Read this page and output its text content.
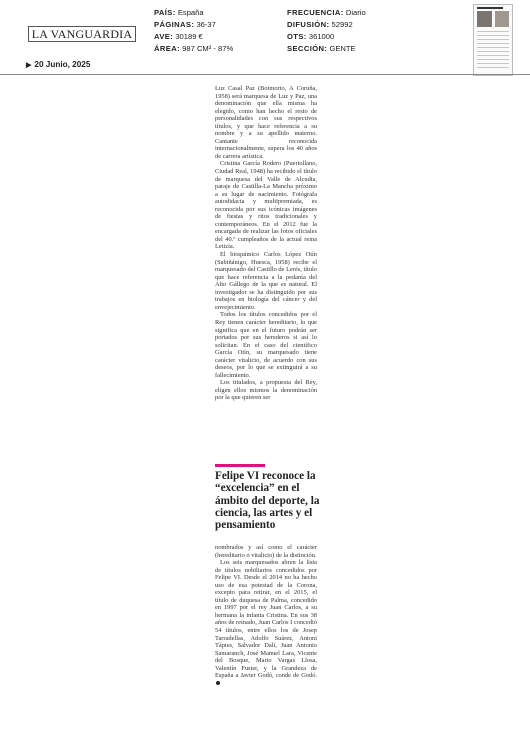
LA VANGUARDIA
PAÍS: España
PÁGINAS: 36-37
AVE: 30189 €
ÁREA: 987 CM² - 87%
FRECUENCIA: Diario
DIFUSIÓN: 52992
OTS: 361000
SECCIÓN: GENTE
▶ 20 Junio, 2025

Luz Casal Paz (Boimorto, A Coruña, 1958) será marquesa de Luz y Paz, una denominación que ella misma ha elegido, como han hecho el resto de personalidades con sus respectivos títulos, y que hace referencia a su nombre y a su apellido materno. Cantante reconocida internacionalmente, supera los 40 años de carrera artística.

Cristina García Rodero (Puertollano, Ciudad Real, 1948) ha recibido el título de marquesa del Valle de Alcudia, paraje de Castilla-La Mancha próximo a su lugar de nacimiento. Fotógrafa autodidacta y multipremiada, es reconocida por sus icónicas imágenes de fiestas y ritos tradicionales y contemporáneos. En el 2012 fue la encargada de realizar las fotos oficiales del 40.º cumpleaños de la actual reina Letizia.

El bioquímico Carlos López Otín (Sabiñánigo, Huesca, 1958) recibe el marquesado del Castillo de Lerés, título que hace referencia a la pedanía del Alto Gállego de la que es natural. El investigador se ha distinguido por sus trabajos en biología del cáncer y del envejecimiento.

Todos los títulos concedidos por el Rey tienen carácter hereditario, lo que significa que en el futuro podrán ser portados por sus herederos si así lo solicitan. En el caso del científico García Otín, su marquesado tiene carácter vitalicio, de acuerdo con sus deseos, por lo que se extinguirá a su fallecimiento.

Los titulados, a propuesta del Rey, eligen ellos mismos la denominación por la que quieren ser

Felipe VI reconoce la “excelencia” en el ámbito del deporte, la ciencia, las artes y el pensamiento

nombrados y así como el carácter (hereditario o vitalicio) de la distinción.

Los seis marquesados abren la lista de títulos nobiliarios concedidos por Felipe VI. Desde el 2014 no ha hecho uso de esa potestad de la Corona, excepto para retirar, en el 2015, el título de duquesa de Palma, concedido en 1997 por el rey Juan Carlos, a su hermana la infanta Cristina. En sus 38 años de reinado, Juan Carlos I concedió 54 títulos, entre ellos los de Josep Tarradellas, Adolfo Suárez, Antoni Tàpies, Salvador Dalí, Juan Antonio Samaranch, José Manuel Lara, Vicente del Bosque, Mario Vargas Llosa, Valentín Fuster, y la Grandeza de España a Javier Godó, conde de Godó.
